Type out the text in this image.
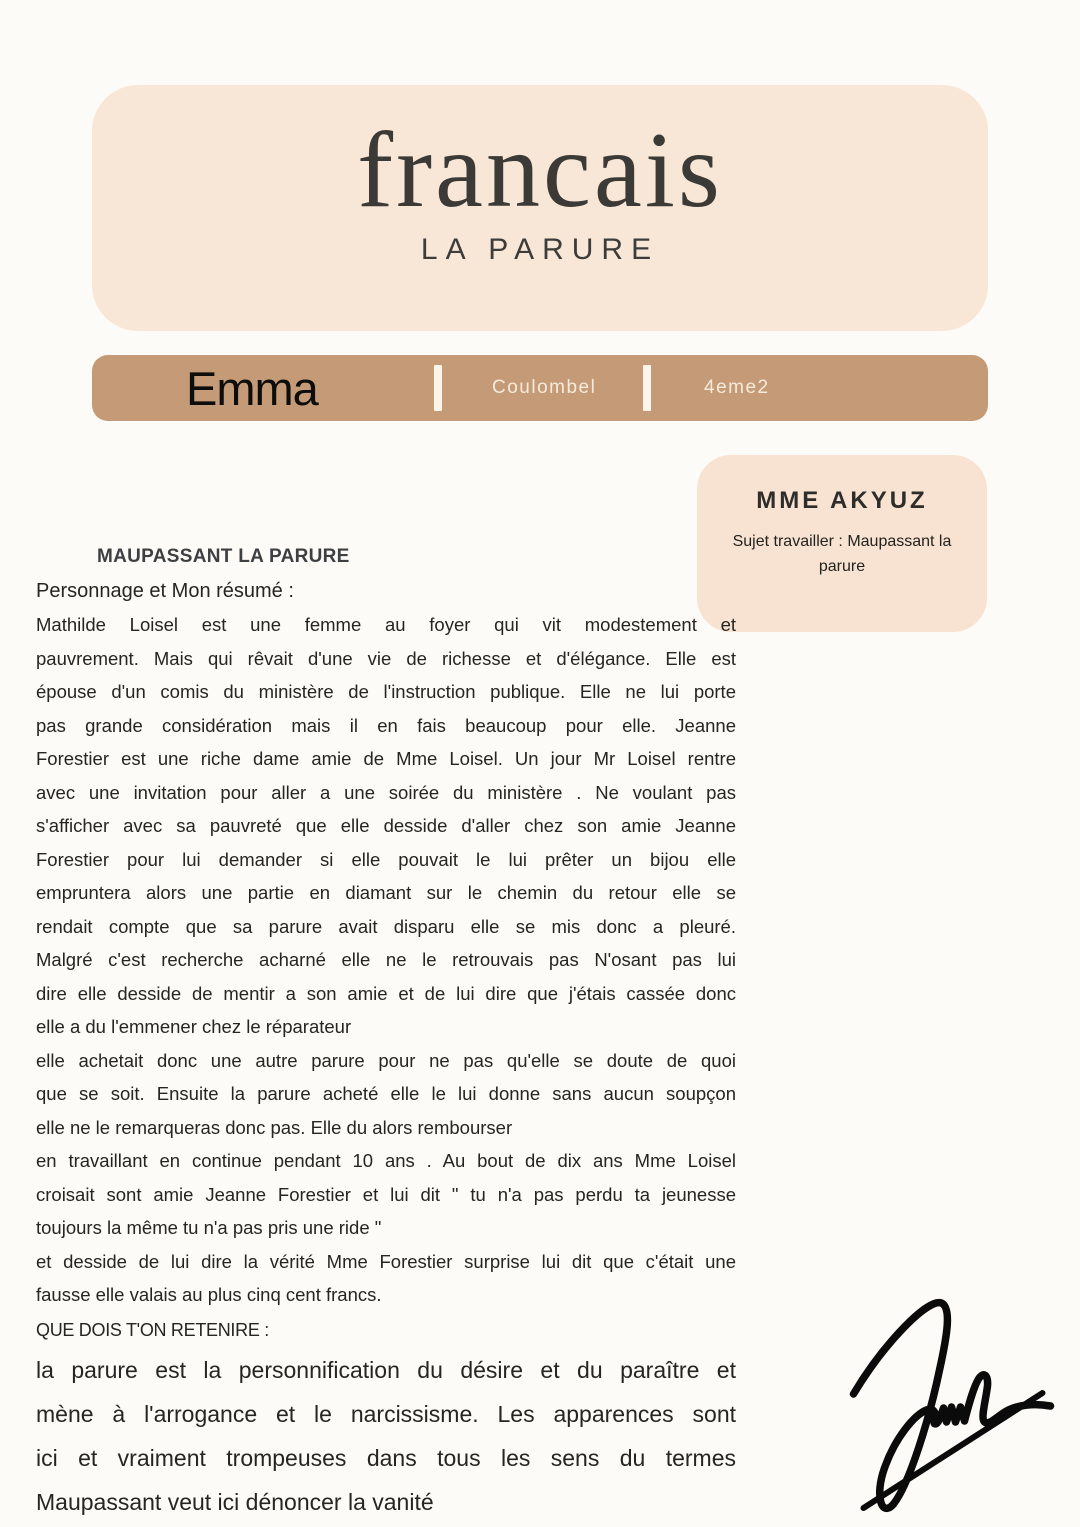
francais
LA PARURE
Emma	Coulombel	4eme2
MME AKYUZ
Sujet travailler : Maupassant la parure
MAUPASSANT LA PARURE
Personnage et Mon résumé :
Mathilde Loisel est une femme au foyer qui vit modestement et
pauvrement. Mais qui rêvait d'une vie de richesse et d'élégance. Elle est
épouse d'un comis du ministère de l'instruction publique. Elle ne lui porte
pas grande considération mais il en fais beaucoup pour elle. Jeanne
Forestier est une riche dame amie de Mme Loisel. Un jour Mr Loisel rentre
avec une invitation pour aller a une soirée du ministère . Ne voulant pas
s'afficher avec sa pauvreté que elle desside d'aller chez son amie Jeanne
Forestier pour lui demander si elle pouvait le lui prêter un bijou elle
empruntera alors une partie en diamant sur le chemin du retour elle se
rendait compte que sa parure avait disparu elle se mis donc a pleuré.
Malgré c'est recherche acharné elle ne le retrouvais pas N'osant pas lui
dire elle desside de mentir a son amie et de lui dire que j'étais cassée donc
elle a du l'emmener chez le réparateur
elle achetait donc une autre parure pour ne pas qu'elle se doute de quoi
que se soit. Ensuite la parure acheté elle le lui donne sans aucun soupçon
elle ne le remarqueras donc pas. Elle du alors rembourser
en travaillant en continue pendant 10 ans . Au bout de dix ans Mme Loisel
croisait sont amie Jeanne Forestier et lui dit " tu n'a pas perdu ta jeunesse
toujours la même tu n'a pas pris une ride "
et desside de lui dire la vérité Mme Forestier surprise lui dit que c'était une
fausse elle valais au plus cinq cent francs.
QUE DOIS T'ON RETENIRE :
la parure est la personnification du désire et du paraître et
mène à l'arrogance et le narcissisme. Les apparences sont
ici et vraiment trompeuses dans tous les sens du termes
Maupassant veut ici dénoncer la vanité
